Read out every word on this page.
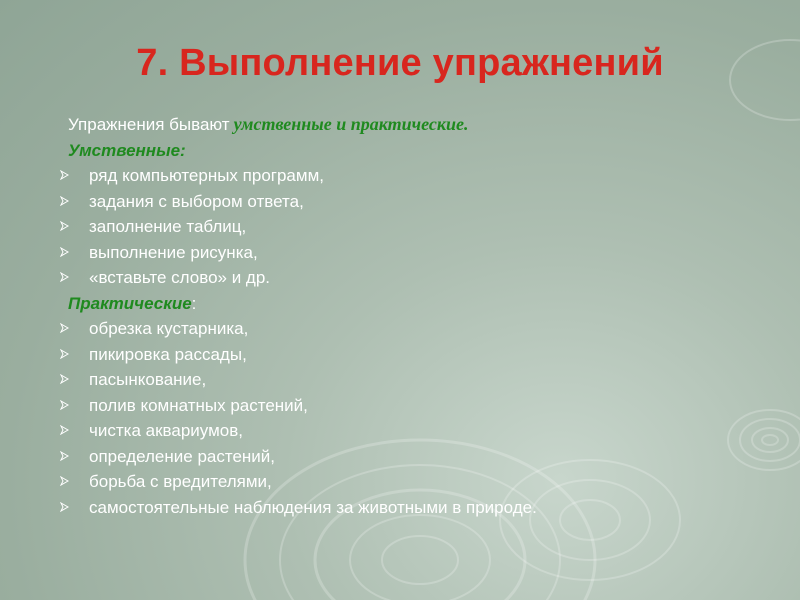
7. Выполнение упражнений
Упражнения бывают умственные и практические.
Умственные:
ряд компьютерных программ,
задания с выбором ответа,
заполнение таблиц,
выполнение рисунка,
«вставьте слово» и др.
Практические:
обрезка кустарника,
пикировка рассады,
пасынкование,
полив комнатных растений,
чистка аквариумов,
определение растений,
борьба с вредителями,
самостоятельные наблюдения за животными в природе.
